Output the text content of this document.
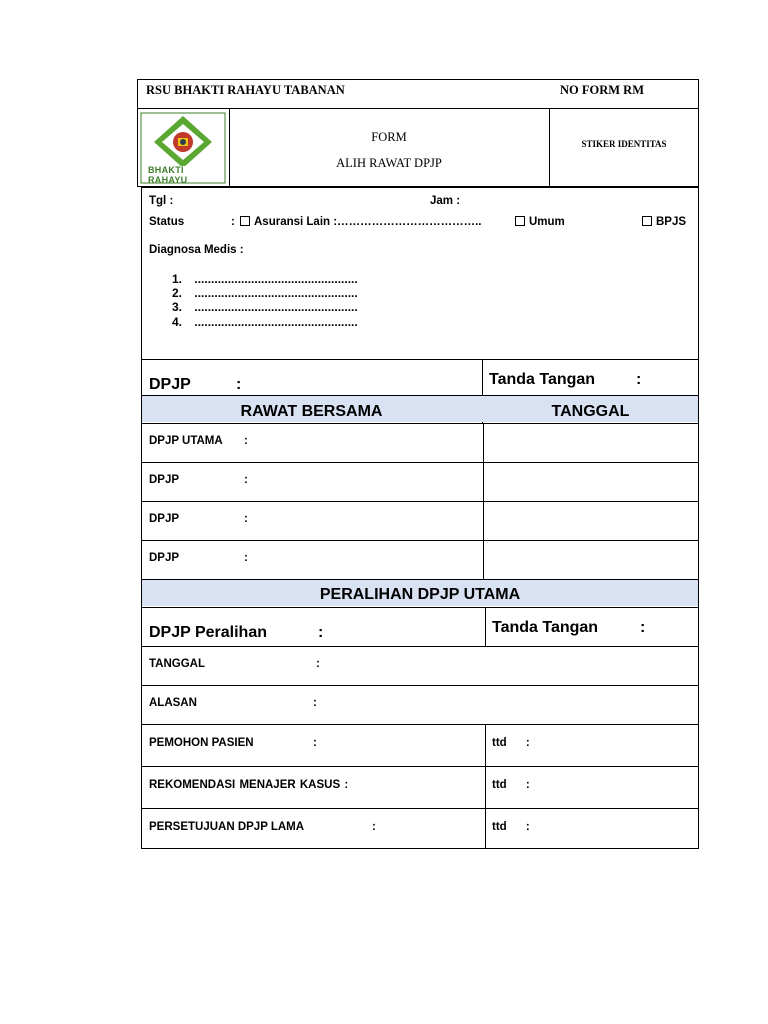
RSU BHAKTI RAHAYU TABANAN	NO FORM RM
BHAKTI RAHAYU
FORM
ALIH RAWAT DPJP
STIKER IDENTITAS
Tgl :	Jam :
Status	:	Asuransi Lain :………………………………..	Umum	BPJS
Diagnosa Medis :
1. .................................................
2. .................................................
3. .................................................
4. .................................................
DPJP	:	Tanda Tangan	:
RAWAT BERSAMA	TANGGAL
DPJP UTAMA :
DPJP	:
DPJP	:
DPJP	:
PERALIHAN DPJP UTAMA
DPJP Peralihan	:	Tanda Tangan	:
TANGGAL	:
ALASAN	:
PEMOHON PASIEN	:	ttd :
REKOMENDASI MENAJER KASUS :	ttd :
PERSETUJUAN DPJP LAMA	:	ttd :
